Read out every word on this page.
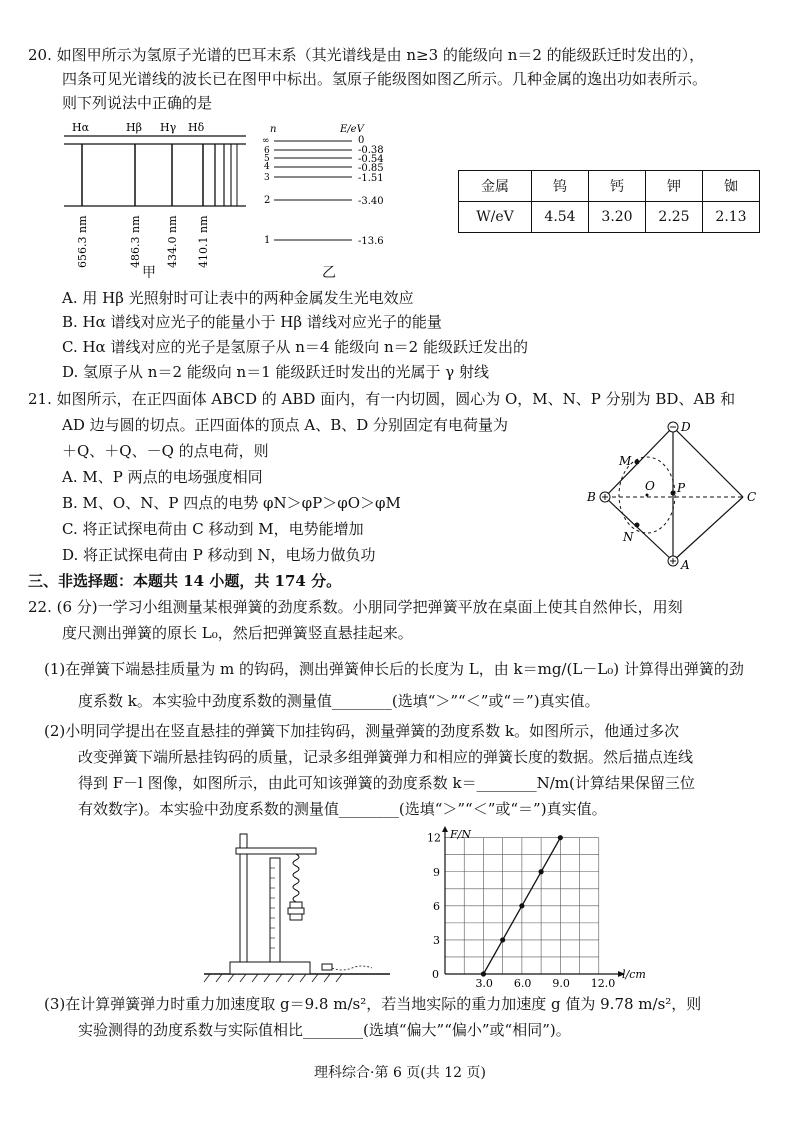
20. 如图甲所示为氢原子光谱的巴耳末系（其光谱线是由 n≥3 的能级向 n＝2 的能级跃迁时发出的），
四条可见光谱线的波长已在图甲中标出。氢原子能级图如图乙所示。几种金属的逸出功如表所示。
则下列说法中正确的是
Hα	Hβ Hγ Hδ
656.3 nm	486.3 nm 434.0 nm 410.1 nm
甲
n	E/eV
∞	0
6	-0.38
5	-0.54
4	-0.85
3	-1.51
2	-3.40
1	-13.6
乙
金属	钨	钙	钾	铷
W/eV	4.54	3.20	2.25	2.13
A. 用 Hβ 光照射时可让表中的两种金属发生光电效应
B. Hα 谱线对应光子的能量小于 Hβ 谱线对应光子的能量
C. Hα 谱线对应的光子是氢原子从 n＝4 能级向 n＝2 能级跃迁发出的
D. 氢原子从 n＝2 能级向 n＝1 能级跃迁时发出的光属于 γ 射线
21. 如图所示，在正四面体 ABCD 的 ABD 面内，有一内切圆，圆心为 O，M、N、P 分别为 BD、AB 和
AD 边与圆的切点。正四面体的顶点 A、B、D 分别固定有电荷量为
＋Q、＋Q、－Q 的点电荷，则
A. M、P 两点的电场强度相同
B. M、O、N、P 四点的电势 φN＞φP＞φO＞φM
C. 将正试探电荷由 C 移动到 M，电势能增加
D. 将正试探电荷由 P 移动到 N，电场力做负功
D
A
B	C
M
N
O P
三、非选择题：本题共 14 小题，共 174 分。
22. (6 分)一学习小组测量某根弹簧的劲度系数。小朋同学把弹簧平放在桌面上使其自然伸长，用刻
度尺测出弹簧的原长 L₀，然后把弹簧竖直悬挂起来。
(1)在弹簧下端悬挂质量为 m 的钩码，测出弹簧伸长后的长度为 L，由 k＝mg/(L－L₀) 计算得出弹簧的劲
度系数 k。本实验中劲度系数的测量值________(选填“＞”“＜”或“＝”)真实值。
(2)小明同学提出在竖直悬挂的弹簧下加挂钩码，测量弹簧的劲度系数 k。如图所示，他通过多次
改变弹簧下端所悬挂钩码的质量，记录多组弹簧弹力和相应的弹簧长度的数据。然后描点连线
得到 F－l 图像，如图所示，由此可知该弹簧的劲度系数 k＝________N/m(计算结果保留三位
有效数字)。本实验中劲度系数的测量值________(选填“＞”“＜”或“＝”)真实值。
F/N
l/cm
0
3.0 6.0 9.0 12.0
3
6
9
12
(3)在计算弹簧弹力时重力加速度取 g＝9.8 m/s²，若当地实际的重力加速度 g 值为 9.78 m/s²，则
实验测得的劲度系数与实际值相比________(选填“偏大”“偏小”或“相同”)。
理科综合·第 6 页(共 12 页)
